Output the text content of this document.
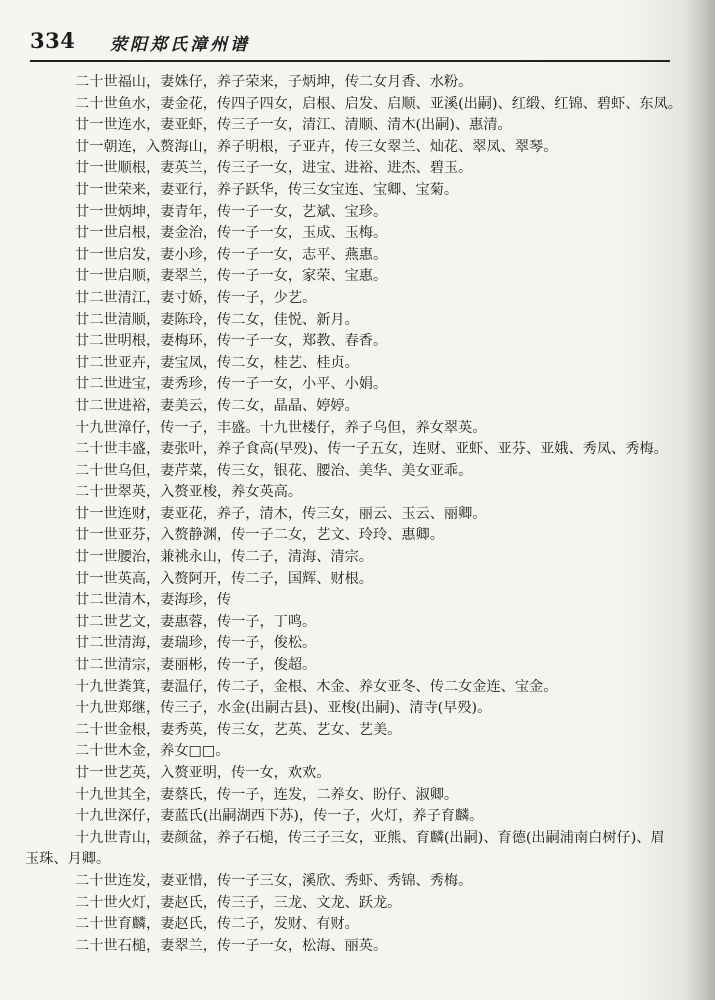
334 荥阳郑氏漳州谱
二十世福山，妻姝仔，养子荣来，子炳坤，传二女月香、水粉。
二十世鱼水，妻金花，传四子四女，启根、启发、启顺、亚溪(出嗣)、红缎、红锦、碧虾、东凤。
廿一世连水，妻亚虾，传三子一女，清江、清顺、清木(出嗣)、惠清。
廿一朝连，入赘海山，养子明根，子亚卉，传三女翠兰、灿花、翠凤、翠琴。
廿一世顺根，妻英兰，传三子一女，进宝、进裕、进杰、碧玉。
廿一世荣来，妻亚行，养子跃华，传三女宝连、宝卿、宝菊。
廿一世炳坤，妻青年，传一子一女，艺斌、宝珍。
廿一世启根，妻金治，传一子一女，玉成、玉梅。
廿一世启发，妻小珍，传一子一女，志平、燕惠。
廿一世启顺，妻翠兰，传一子一女，家荣、宝惠。
廿二世清江，妻寸娇，传一子，少艺。
廿二世清顺，妻陈玲，传二女，佳悦、新月。
廿二世明根，妻梅环，传一子一女，郑教、春香。
廿二世亚卉，妻宝凤，传二女，桂艺、桂贞。
廿二世进宝，妻秀珍，传一子一女，小平、小娟。
廿二世进裕，妻美云，传二女，晶晶、婷婷。
十九世漳仔，传一子，丰盛。十九世楼仔，养子乌但，养女翠英。
二十世丰盛，妻张叶，养子食高(早殁)、传一子五女，连财、亚虾、亚芬、亚娥、秀凤、秀梅。
二十世乌但，妻芹菜，传三女，银花、腰治、美华、美女亚乖。
二十世翠英，入赘亚梭，养女英高。
廿一世连财，妻亚花，养子，清木，传三女，丽云、玉云、丽卿。
廿一世亚芬，入赘静渊，传一子二女，艺文、玲玲、惠卿。
廿一世腰治，兼祧永山，传二子，清海、清宗。
廿一世英高，入赘阿开，传二子，国辉、财根。
廿二世清木，妻海珍，传
廿二世艺文，妻惠蓉，传一子，丁鸣。
廿二世清海，妻瑞珍，传一子，俊松。
廿二世清宗，妻丽彬，传一子，俊超。
十九世粪箕，妻温仔，传二子，金根、木金、养女亚冬、传二女金连、宝金。
十九世郑继，传三子，水金(出嗣古县)、亚梭(出嗣)、清寺(早殁)。
二十世金根，妻秀英，传三女，艺英、艺女、艺美。
二十世木金，养女□□。
廿一世艺英，入赘亚明，传一女，欢欢。
十九世其全，妻蔡氏，传一子，连发，二养女、盼仔、淑卿。
十九世深仔，妻蓝氏(出嗣湖西下苏)，传一子，火灯，养子育麟。
十九世青山，妻颜盆，养子石槌，传三子三女，亚熊、育麟(出嗣)、育德(出嗣浦南白树仔)、眉
玉珠、月卿。
二十世连发，妻亚惜，传一子三女，溪欣、秀虾、秀锦、秀梅。
二十世火灯，妻赵氏，传三子，三龙、文龙、跃龙。
二十世育麟，妻赵氏，传二子，发财、有财。
二十世石槌，妻翠兰，传一子一女，松海、丽英。
